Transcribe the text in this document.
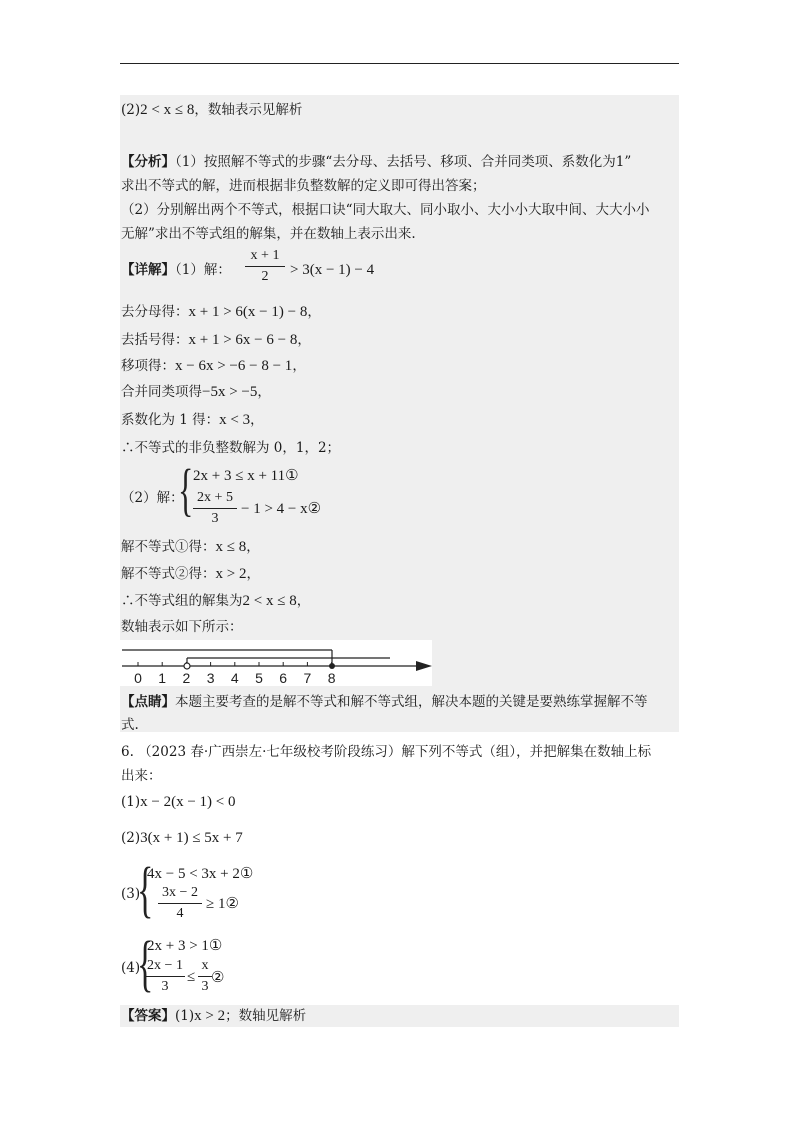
(2)2 < x ≤ 8，数轴表示见解析
【分析】（1）按照解不等式的步骤“去分母、去括号、移项、合并同类项、系数化为1”
求出不等式的解，进而根据非负整数解的定义即可得出答案；
（2）分别解出两个不等式，根据口诀“同大取大、同小取小、大小小大取中间、大大小小
无解”求出不等式组的解集，并在数轴上表示出来.
【详解】（1）解：
x + 1
2	> 3(x − 1) − 4
去分母得：x + 1 > 6(x − 1) − 8，
去括号得：x + 1 > 6x − 6 − 8，
移项得：x − 6x > −6 − 8 − 1，
合并同类项得−5x > −5，
系数化为 1 得：x < 3，
∴不等式的非负整数解为 0，1，2；
（2）解：
{ 2x + 3 ≤ x + 11①
2x + 5
3
− 1 > 4 − x②
解不等式①得：x ≤ 8，
解不等式②得：x > 2，
∴不等式组的解集为2 < x ≤ 8，
数轴表示如下所示：
0 1 2 3 4 5 6 7 8
【点睛】本题主要考查的是解不等式和解不等式组，解决本题的关键是要熟练掌握解不等
式.
6. （2023 春·广西崇左·七年级校考阶段练习）解下列不等式（组），并把解集在数轴上标
出来：
(1)x − 2(x − 1) < 0
(2)3(x + 1) ≤ 5x + 7
(3)
{
4x − 5 < 3x + 2①
3x − 2
4
≥ 1②
(4)
{
2x + 3 > 1①
2x − 1
3
≤
x
3
②
【答案】(1)x > 2；数轴见解析
